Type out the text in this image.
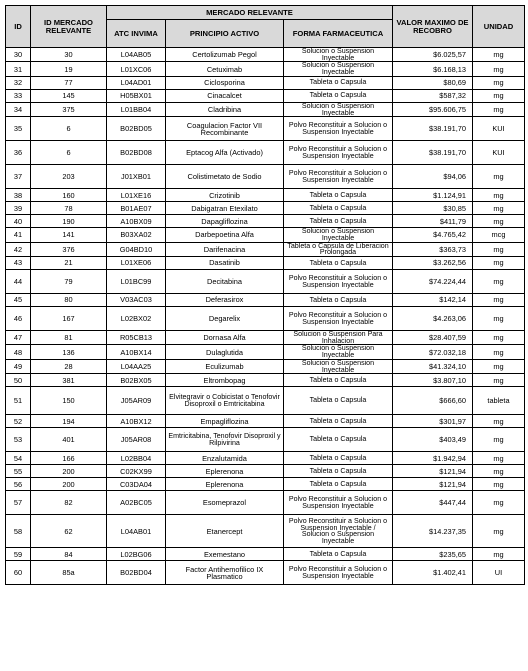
ID	ID MERCADO RELEVANTE	MERCADO RELEVANTE			VALOR MAXIMO DE RECOBRO	UNIDAD
		ATC INVIMA	PRINCIPIO ACTIVO	FORMA FARMACEUTICA		
30	30	L04AB05	Certolizumab Pegol	Solucion o Suspension Inyectable	$6.025,57	mg
31	19	L01XC06	Cetuximab	Solucion o Suspension Inyectable	$6.168,13	mg
32	77	L04AD01	Ciclosporina	Tableta o Capsula	$80,69	mg
33	145	H05BX01	Cinacalcet	Tableta o Capsula	$587,32	mg
34	375	L01BB04	Cladribina	Solucion o Suspension Inyectable	$95.606,75	mg
35	6	B02BD05	Coagulacion Factor VII Recombinante	Polvo Reconstituir a Solucion o Suspension Inyectable	$38.191,70	KUI
36	6	B02BD08	Eptacog Alfa (Activado)	Polvo Reconstituir a Solucion o Suspension Inyectable	$38.191,70	KUI
37	203	J01XB01	Colistimetato de Sodio	Polvo Reconstituir a Solucion o Suspension Inyectable	$94,06	mg
38	160	L01XE16	Crizotinib	Tableta o Capsula	$1.124,91	mg
39	78	B01AE07	Dabigatran Etexilato	Tableta o Capsula	$30,85	mg
40	190	A10BX09	Dapagliflozina	Tableta o Capsula	$411,79	mg
41	141	B03XA02	Darbepoetina Alfa	Solucion o Suspension Inyectable	$4.765,42	mcg
42	376	G04BD10	Darifenacina	Tableta o Capsula de Liberacion Prolongada	$363,73	mg
43	21	L01XE06	Dasatinib	Tableta o Capsula	$3.262,56	mg
44	79	L01BC99	Decitabina	Polvo Reconstituir a Solucion o Suspension Inyectable	$74.224,44	mg
45	80	V03AC03	Deferasirox	Tableta o Capsula	$142,14	mg
46	167	L02BX02	Degarelix	Polvo Reconstituir a Solucion o Suspension Inyectable	$4.263,06	mg
47	81	R05CB13	Dornasa Alfa	Solucion o Suspension Para Inhalacion	$28.407,59	mg
48	136	A10BX14	Dulaglutida	Solucion o Suspension Inyectable	$72.032,18	mg
49	28	L04AA25	Eculizumab	Solucion o Suspension Inyectable	$41.324,10	mg
50	381	B02BX05	Eltrombopag	Tableta o Capsula	$3.807,10	mg
51	150	J05AR09	Elvitegravir o Cobicistat o Tenofovir Disoproxil o Emtricitabina	Tableta o Capsula	$666,60	tableta
52	194	A10BX12	Empagliflozina	Tableta o Capsula	$301,97	mg
53	401	J05AR08	Emtricitabina, Tenofovir Disoproxil y Rilpivirina	Tableta o Capsula	$403,49	mg
54	166	L02BB04	Enzalutamida	Tableta o Capsula	$1.942,94	mg
55	200	C02KX99	Eplerenona	Tableta o Capsula	$121,94	mg
56	200	C03DA04	Eplerenona	Tableta o Capsula	$121,94	mg
57	82	A02BC05	Esomeprazol	Polvo Reconstituir a Solucion o Suspension Inyectable	$447,44	mg
58	62	L04AB01	Etanercept	Polvo Reconstituir a Solucion o Suspension Inyectable / Solucion o Suspension Inyectable	$14.237,35	mg
59	84	L02BG06	Exemestano	Tableta o Capsula	$235,65	mg
60	85a	B02BD04	Factor Antihemofilico IX Plasmatico	Polvo Reconstituir a Solucion o Suspension Inyectable	$1.402,41	UI
